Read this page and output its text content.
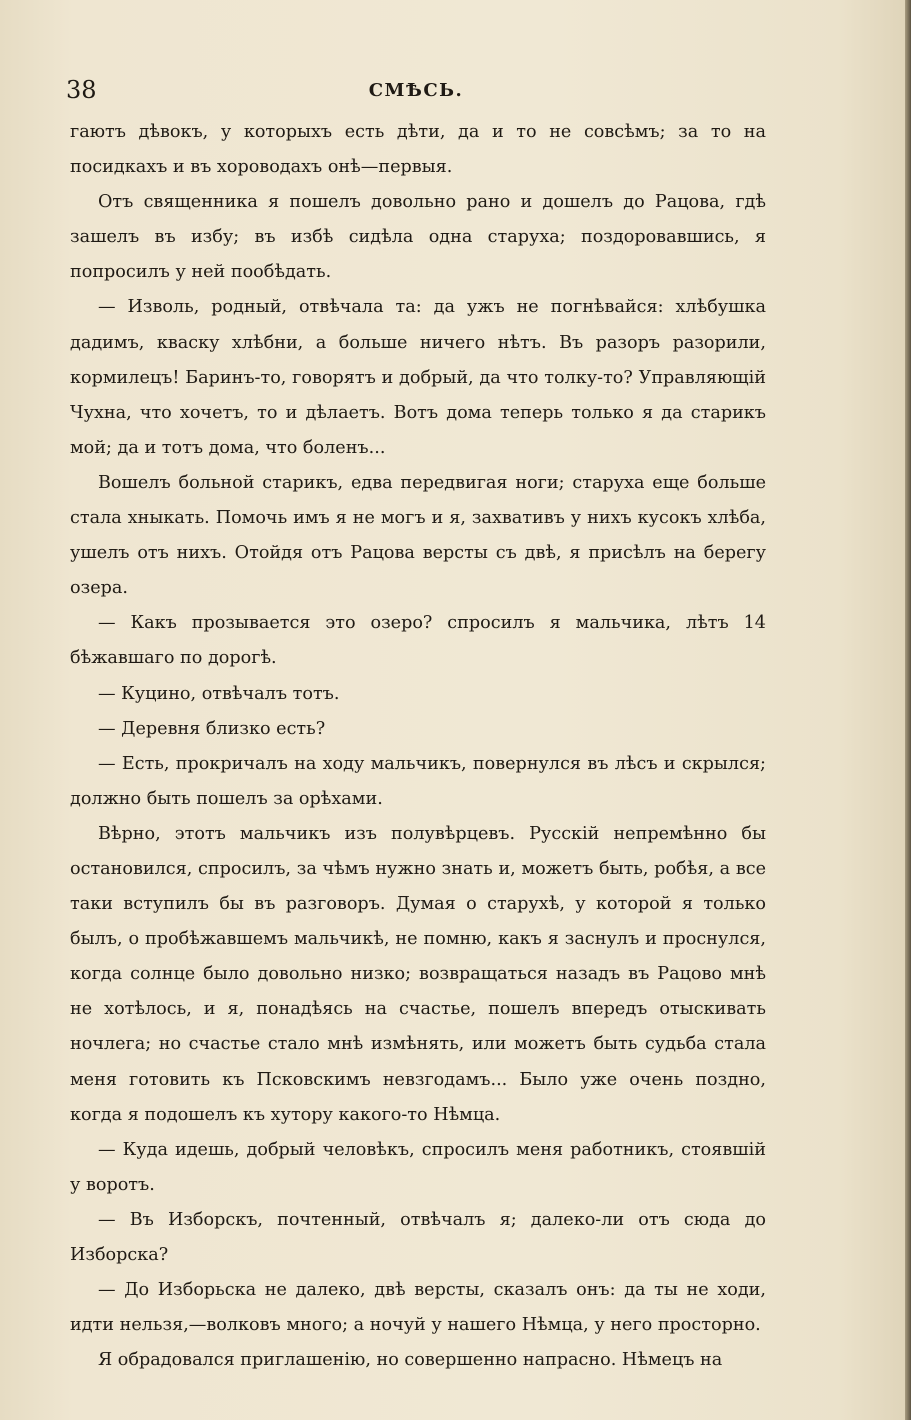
38	СМѢСЬ.

гаютъ дѣвокъ, у которыхъ есть дѣти, да и то не совсѣмъ; за то на посидкахъ и въ хороводахъ онѣ—первыя.

Отъ священника я пошелъ довольно рано и дошелъ до Рацова, гдѣ зашелъ въ избу; въ избѣ сидѣла одна старуха; поздоровавшись, я попросилъ у ней пообѣдать.

— Изволь, родный, отвѣчала та: да ужъ не погнѣвайся: хлѣбушка дадимъ, кваску хлѣбни, а больше ничего нѣтъ. Въ разоръ разорили, кормилецъ! Баринъ-то, говорятъ и добрый, да что толку-то? Управляющій Чухна, что хочетъ, то и дѣлаетъ. Вотъ дома теперь только я да старикъ мой; да и тотъ дома, что боленъ...

Вошелъ больной старикъ, едва передвигая ноги; старуха еще больше стала хныкать. Помочь имъ я не могъ и я, захвативъ у нихъ кусокъ хлѣба, ушелъ отъ нихъ. Отойдя отъ Рацова версты съ двѣ, я присѣлъ на берегу озера.

— Какъ прозывается это озеро? спросилъ я мальчика, лѣтъ 14 бѣжавшаго по дорогѣ.

— Куцино, отвѣчалъ тотъ.

— Деревня близко есть?

— Есть, прокричалъ на ходу мальчикъ, повернулся въ лѣсъ и скрылся; должно быть пошелъ за орѣхами.

Вѣрно, этотъ мальчикъ изъ полувѣрцевъ. Русскій непремѣнно бы остановился, спросилъ, за чѣмъ нужно знать и, можетъ быть, робѣя, а все таки вступилъ бы въ разговоръ. Думая о старухѣ, у которой я только былъ, о пробѣжавшемъ мальчикѣ, не помню, какъ я заснулъ и проснулся, когда солнце было довольно низко; возвращаться назадъ въ Рацово мнѣ не хотѣлось, и я, понадѣясь на счастье, пошелъ впередъ отыскивать ночлега; но счастье стало мнѣ измѣнять, или можетъ быть судьба стала меня готовить къ Псковскимъ невзгодамъ... Было уже очень поздно, когда я подошелъ къ хутору какого-то Нѣмца.

— Куда идешь, добрый человѣкъ, спросилъ меня работникъ, стоявшій у воротъ.

— Въ Изборскъ, почтенный, отвѣчалъ я; далеко-ли отъ сюда до Изборска?

— До Изборьска не далеко, двѣ версты, сказалъ онъ: да ты не ходи, идти нельзя,—волковъ много; а ночуй у нашего Нѣмца, у него просторно.

Я обрадовался приглашенію, но совершенно напрасно. Нѣмецъ на
